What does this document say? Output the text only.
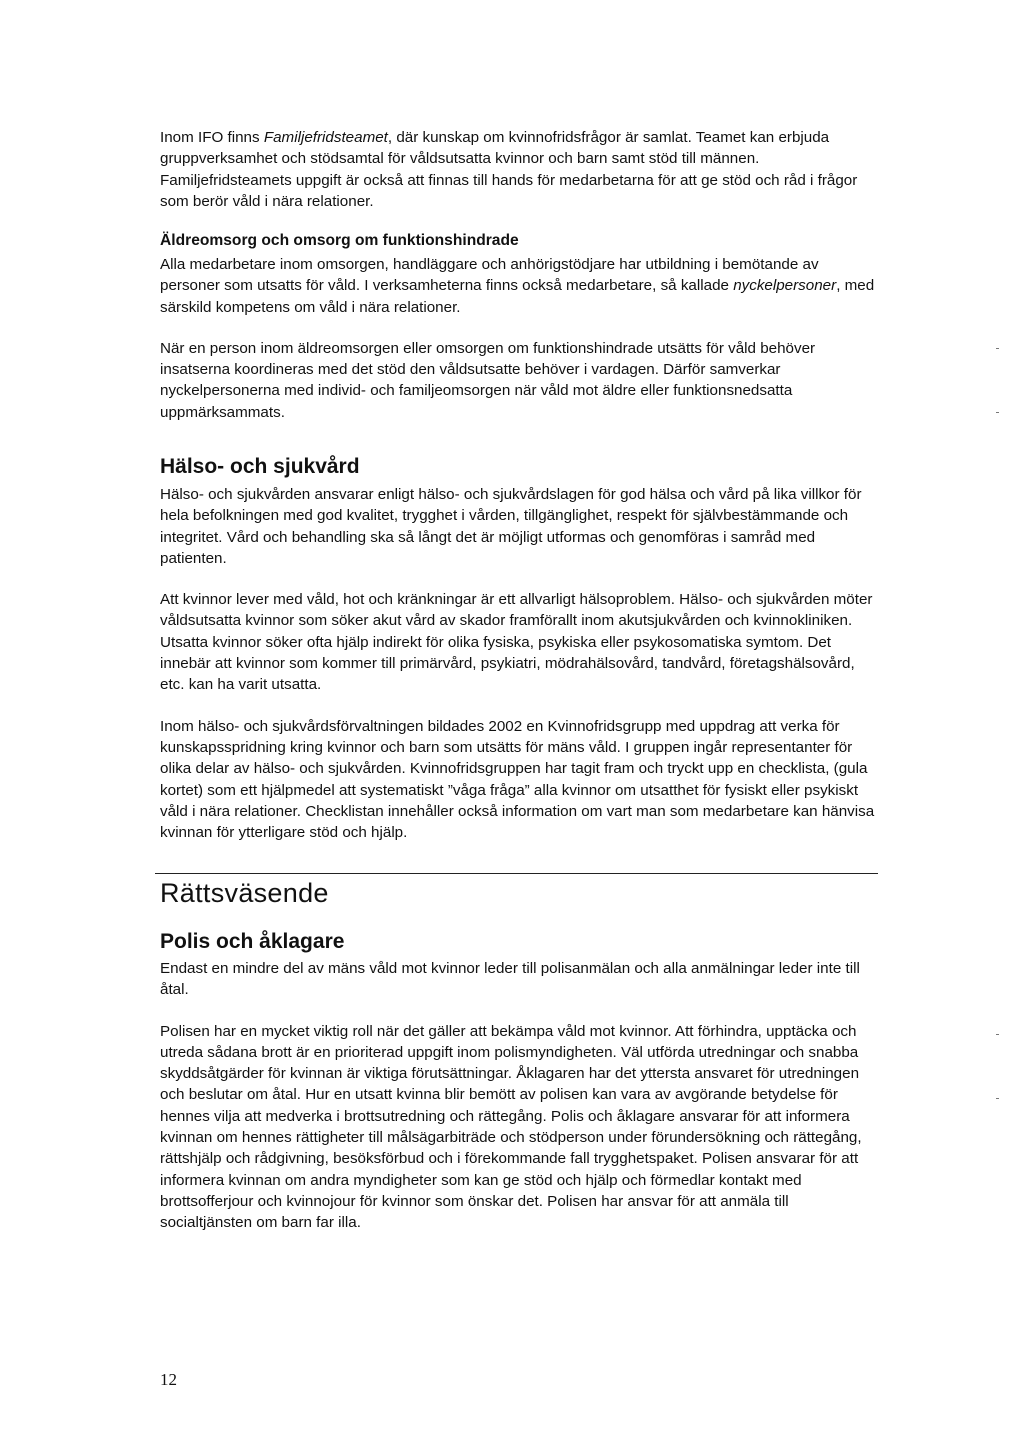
Inom IFO finns Familjefridsteamet, där kunskap om kvinnofridsfrågor är samlat. Teamet kan erbjuda gruppverksamhet och stödsamtal för våldsutsatta kvinnor och barn samt stöd till männen. Familjefridsteamets uppgift är också att finnas till hands för medarbetarna för att ge stöd och råd i frågor som berör våld i nära relationer.

Äldreomsorg och omsorg om funktionshindrade

Alla medarbetare inom omsorgen, handläggare och anhörigstödjare har utbildning i bemötande av personer som utsatts för våld. I verksamheterna finns också medarbetare, så kallade nyckelpersoner, med särskild kompetens om våld i nära relationer.

När en person inom äldreomsorgen eller omsorgen om funktionshindrade utsätts för våld behöver insatserna koordineras med det stöd den våldsutsatte behöver i vardagen. Därför samverkar nyckelpersonerna med individ- och familjeomsorgen när våld mot äldre eller funktionsnedsatta uppmärksammats.

Hälso- och sjukvård

Hälso- och sjukvården ansvarar enligt hälso- och sjukvårdslagen för god hälsa och vård på lika villkor för hela befolkningen med god kvalitet, trygghet i vården, tillgänglighet, respekt för självbestämmande och integritet. Vård och behandling ska så långt det är möjligt utformas och genomföras i samråd med patienten.

Att kvinnor lever med våld, hot och kränkningar är ett allvarligt hälsoproblem. Hälso- och sjukvården möter våldsutsatta kvinnor som söker akut vård av skador framförallt inom akutsjukvården och kvinnokliniken. Utsatta kvinnor söker ofta hjälp indirekt för olika fysiska, psykiska eller psykosomatiska symtom. Det innebär att kvinnor som kommer till primärvård, psykiatri, mödrahälsovård, tandvård, företagshälsovård, etc. kan ha varit utsatta.

Inom hälso- och sjukvårdsförvaltningen bildades 2002 en Kvinnofridsgrupp med uppdrag att verka för kunskapsspridning kring kvinnor och barn som utsätts för mäns våld. I gruppen ingår representanter för olika delar av hälso- och sjukvården. Kvinnofridsgruppen har tagit fram och tryckt upp en checklista, (gula kortet) som ett hjälpmedel att systematiskt ”våga fråga” alla kvinnor om utsatthet för fysiskt eller psykiskt våld i nära relationer. Checklistan innehåller också information om vart man som medarbetare kan hänvisa kvinnan för ytterligare stöd och hjälp.

Rättsväsende
Polis och åklagare

Endast en mindre del av mäns våld mot kvinnor leder till polisanmälan och alla anmälningar leder inte till åtal.

Polisen har en mycket viktig roll när det gäller att bekämpa våld mot kvinnor. Att förhindra, upptäcka och utreda sådana brott är en prioriterad uppgift inom polismyndigheten. Väl utförda utredningar och snabba skyddsåtgärder för kvinnan är viktiga förutsättningar. Åklagaren har det yttersta ansvaret för utredningen och beslutar om åtal. Hur en utsatt kvinna blir bemött av polisen kan vara av avgörande betydelse för hennes vilja att medverka i brottsutredning och rättegång. Polis och åklagare ansvarar för att informera kvinnan om hennes rättigheter till målsägarbiträde och stödperson under förundersökning och rättegång, rättshjälp och rådgivning, besöksförbud och i förekommande fall trygghetspaket. Polisen ansvarar för att informera kvinnan om andra myndigheter som kan ge stöd och hjälp och förmedlar kontakt med brottsofferjour och kvinnojour för kvinnor som önskar det. Polisen har ansvar för att anmäla till socialtjänsten om barn far illa.

12
